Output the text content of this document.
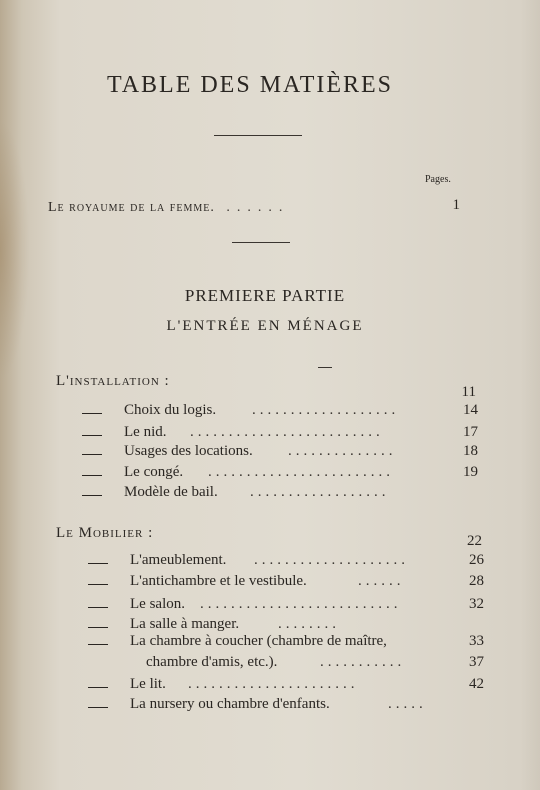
TABLE DES MATIÈRES
Pages.
Le royaume de la femme. ......	1
PREMIERE PARTIE
L'ENTRÉE EN MÉNAGE
L'installation :
11
Choix du logis. ...................	14
Le nid. .........................	17
Usages des locations. ..............	18
Le congé. ........................	19
Modèle de bail. ..................
Le Mobilier :	22
L'ameublement. ....................	26
L'antichambre et le vestibule.	......	28
Le salon. ..........................	32
La salle à manger.	........
La chambre à coucher (chambre de maître,	33
chambre d'amis, etc.).	...........	37
Le lit. ......................	42
La nursery ou chambre d'enfants.	.....
